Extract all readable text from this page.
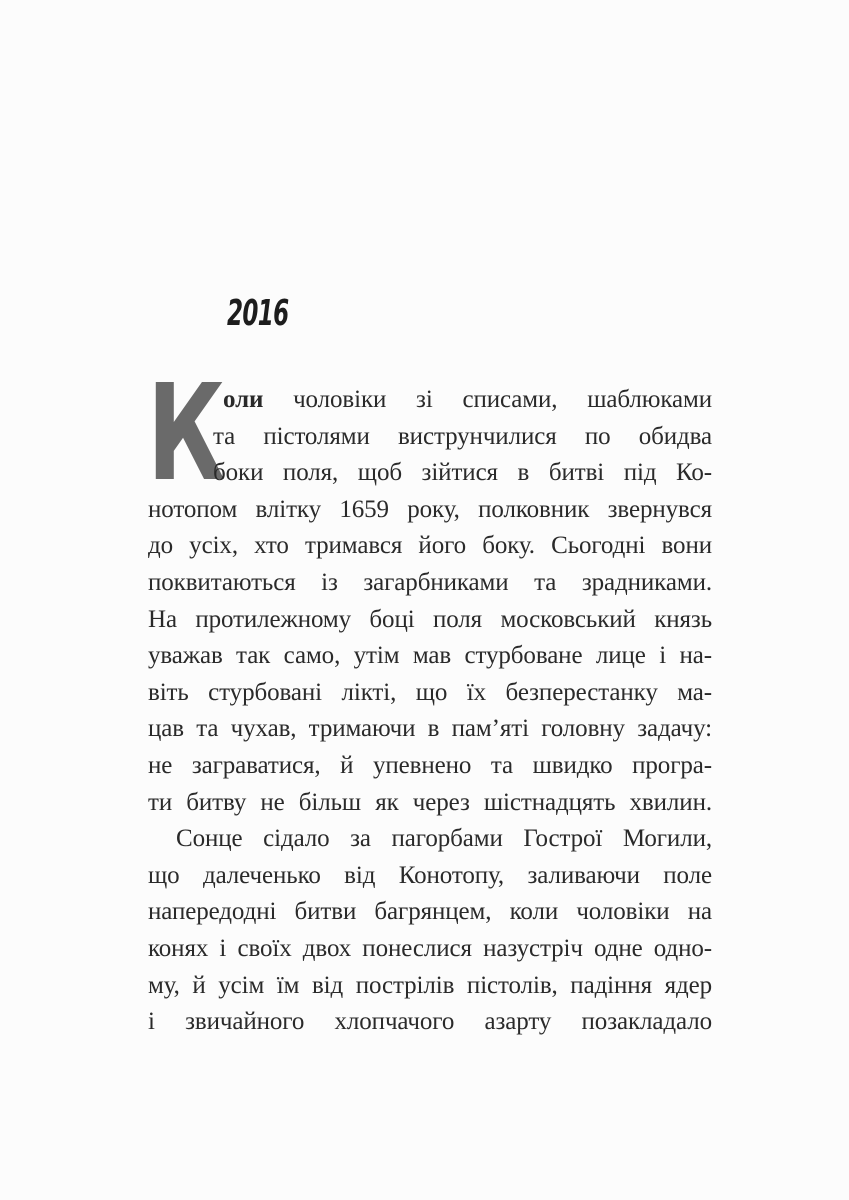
2016
К
оли чоловіки зі списами, шаблюками
та пістолями виструнчилися по обидва
боки поля, щоб зійтися в битві під Ко-
нотопом влітку 1659 року, полковник звернувся
до усіх, хто тримався його боку. Сьогодні вони
поквитаються із загарбниками та зрадниками.
На протилежному боці поля московський князь
уважав так само, утім мав стурбоване лице і на-
віть стурбовані лікті, що їх безперестанку ма-
цав та чухав, тримаючи в пам’яті головну задачу:
не заграватися, й упевнено та швидко програ-
ти битву не більш як через шістнадцять хвилин.
Сонце сідало за пагорбами Гострої Могили,
що далеченько від Конотопу, заливаючи поле
напередодні битви багрянцем, коли чоловіки на
конях і своїх двох понеслися назустріч одне одно-
му, й усім їм від пострілів пістолів, падіння ядер
і звичайного хлопчачого азарту позакладало
